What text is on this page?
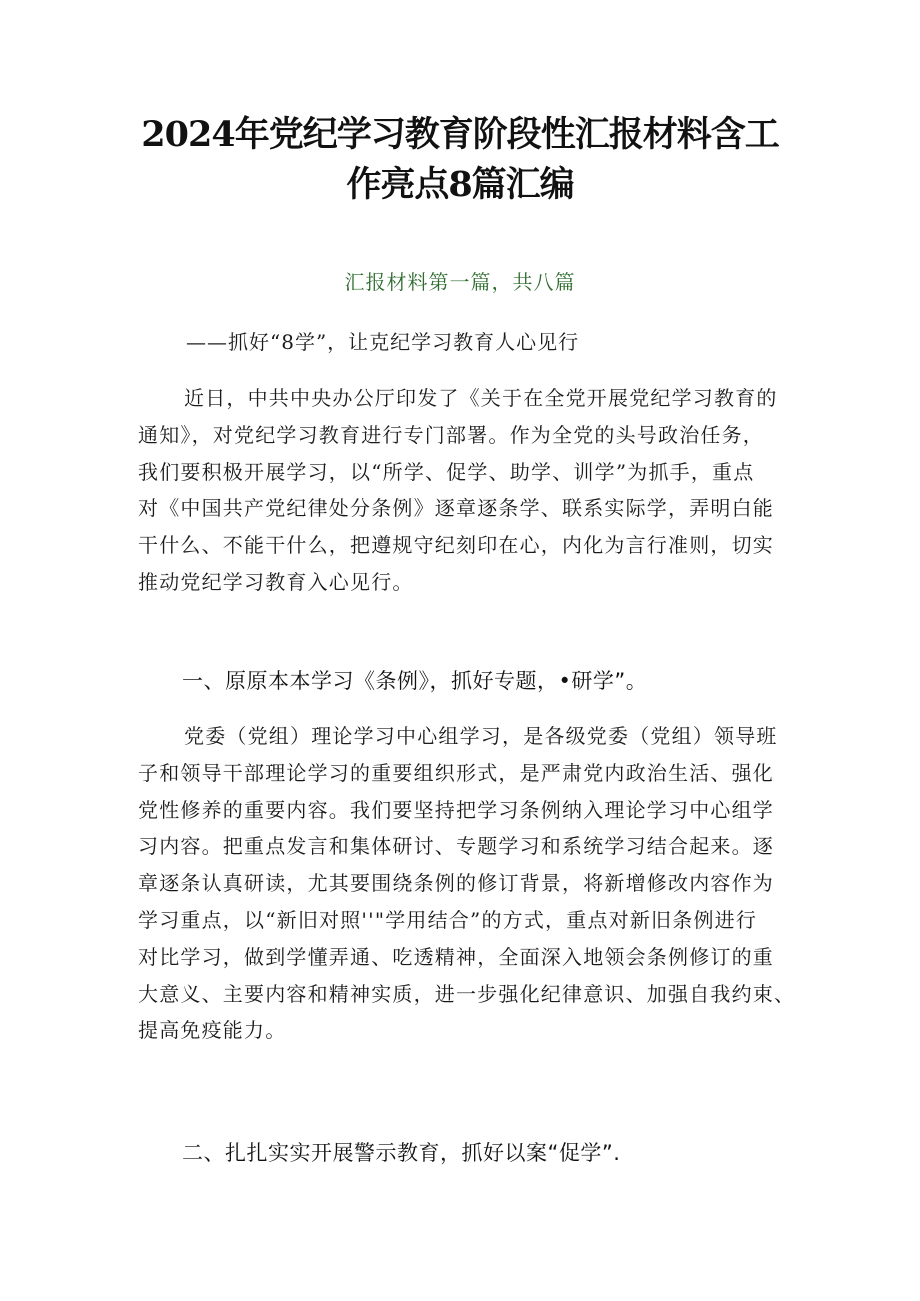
2024年党纪学习教育阶段性汇报材料含工
作亮点8篇汇编
汇报材料第一篇，共八篇
——抓好“8学”，让克纪学习教育人心见行
近日，中共中央办公厅印发了《关于在全党开展党纪学习教育的
通知》，对党纪学习教育进行专门部署。作为全党的头号政治任务，
我们要积极开展学习，以“所学、促学、助学、训学”为抓手，重点
对《中国共产党纪律处分条例》逐章逐条学、联系实际学，弄明白能
干什么、不能干什么，把遵规守纪刻印在心，内化为言行准则，切实
推动党纪学习教育入心见行。
一、原原本本学习《条例》，抓好专题，•研学”。
党委（党组）理论学习中心组学习，是各级党委（党组）领导班
子和领导干部理论学习的重要组织形式，是严肃党内政治生活、强化
党性修养的重要内容。我们要坚持把学习条例纳入理论学习中心组学
习内容。把重点发言和集体研讨、专题学习和系统学习结合起来。逐
章逐条认真研读，尤其要围绕条例的修订背景，将新增修改内容作为
学习重点，以“新旧对照''"学用结合”的方式，重点对新旧条例进行
对比学习，做到学懂弄通、吃透精神，全面深入地领会条例修订的重
大意义、主要内容和精神实质，进一步强化纪律意识、加强自我约束、
提高免疫能力。
二、扎扎实实开展警示教育，抓好以案“促学”.
